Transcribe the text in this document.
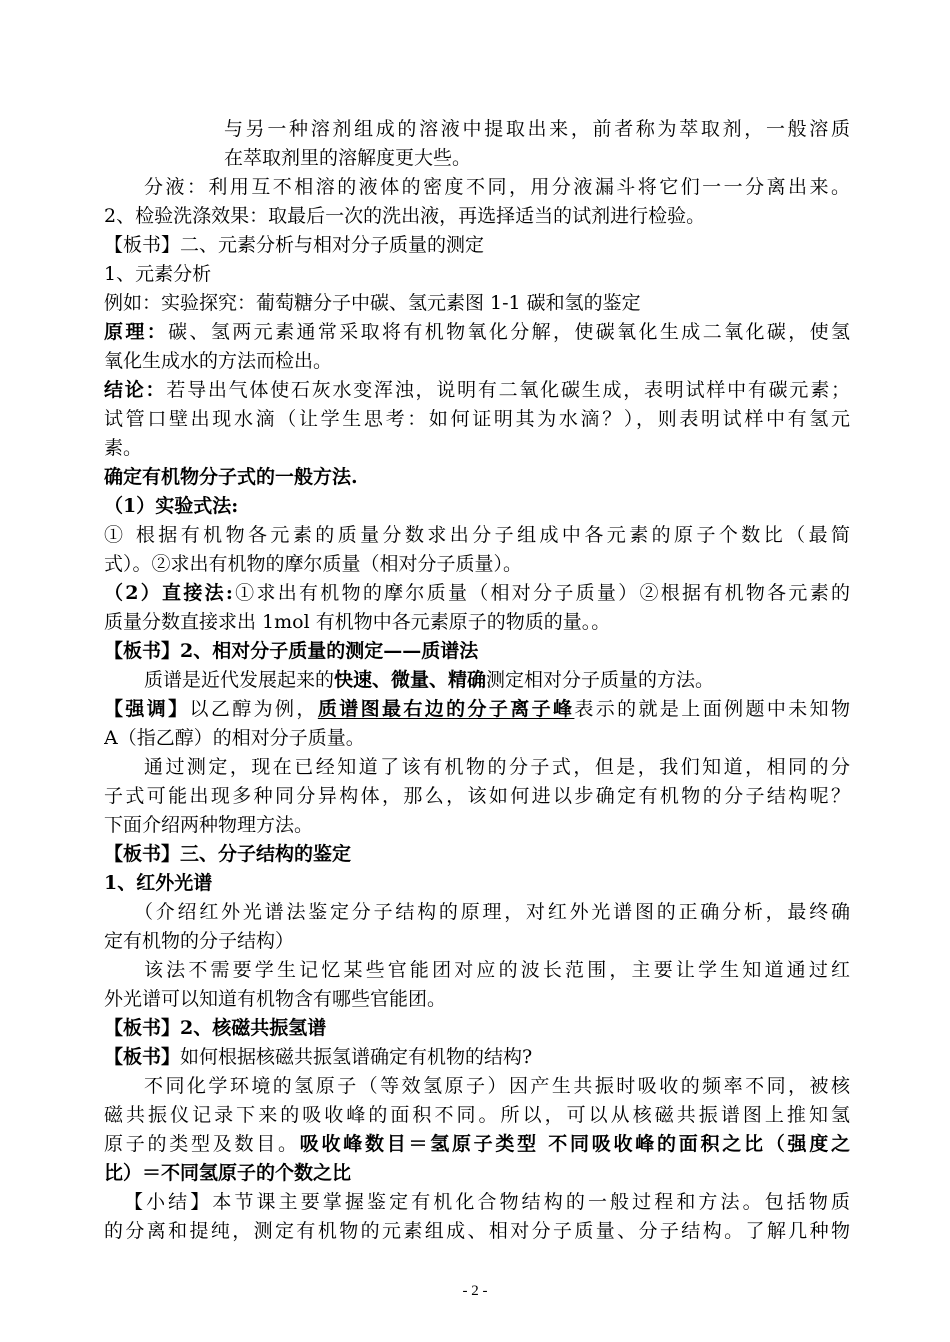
与另一种溶剂组成的溶液中提取出来，前者称为萃取剂，一般溶质
在萃取剂里的溶解度更大些。
分液：利用互不相溶的液体的密度不同，用分液漏斗将它们一一分离出来。
2、检验洗涤效果：取最后一次的洗出液，再选择适当的试剂进行检验。
【板书】二、元素分析与相对分子质量的测定
1、元素分析
例如：实验探究：葡萄糖分子中碳、氢元素图 1-1 碳和氢的鉴定
原理：碳、氢两元素通常采取将有机物氧化分解，使碳氧化生成二氧化碳，使氢
氧化生成水的方法而检出。
结论：若导出气体使石灰水变浑浊，说明有二氧化碳生成，表明试样中有碳元素；
试管口壁出现水滴（让学生思考：如何证明其为水滴？），则表明试样中有氢元
素。
确定有机物分子式的一般方法.
（1）实验式法:
① 根据有机物各元素的质量分数求出分子组成中各元素的原子个数比（最简
式）。②求出有机物的摩尔质量（相对分子质量）。
（2）直接法:①求出有机物的摩尔质量（相对分子质量）②根据有机物各元素的
质量分数直接求出 1mol 有机物中各元素原子的物质的量。。
【板书】2、相对分子质量的测定——质谱法
质谱是近代发展起来的快速、微量、精确测定相对分子质量的方法。
【强调】以乙醇为例，质谱图最右边的分子离子峰表示的就是上面例题中未知物
A（指乙醇）的相对分子质量。
通过测定，现在已经知道了该有机物的分子式，但是，我们知道，相同的分
子式可能出现多种同分异构体，那么，该如何进以步确定有机物的分子结构呢？
下面介绍两种物理方法。
【板书】三、分子结构的鉴定
1、红外光谱
（介绍红外光谱法鉴定分子结构的原理，对红外光谱图的正确分析，最终确
定有机物的分子结构）
该法不需要学生记忆某些官能团对应的波长范围，主要让学生知道通过红
外光谱可以知道有机物含有哪些官能团。
【板书】2、核磁共振氢谱
【板书】如何根据核磁共振氢谱确定有机物的结构?
不同化学环境的氢原子（等效氢原子）因产生共振时吸收的频率不同，被核
磁共振仪记录下来的吸收峰的面积不同。所以，可以从核磁共振谱图上推知氢
原子的类型及数目。吸收峰数目＝氢原子类型 不同吸收峰的面积之比（强度之
比）＝不同氢原子的个数之比
【小结】本节课主要掌握鉴定有机化合物结构的一般过程和方法。包括物质
的分离和提纯，测定有机物的元素组成、相对分子质量、分子结构。了解几种物
- 2 -
